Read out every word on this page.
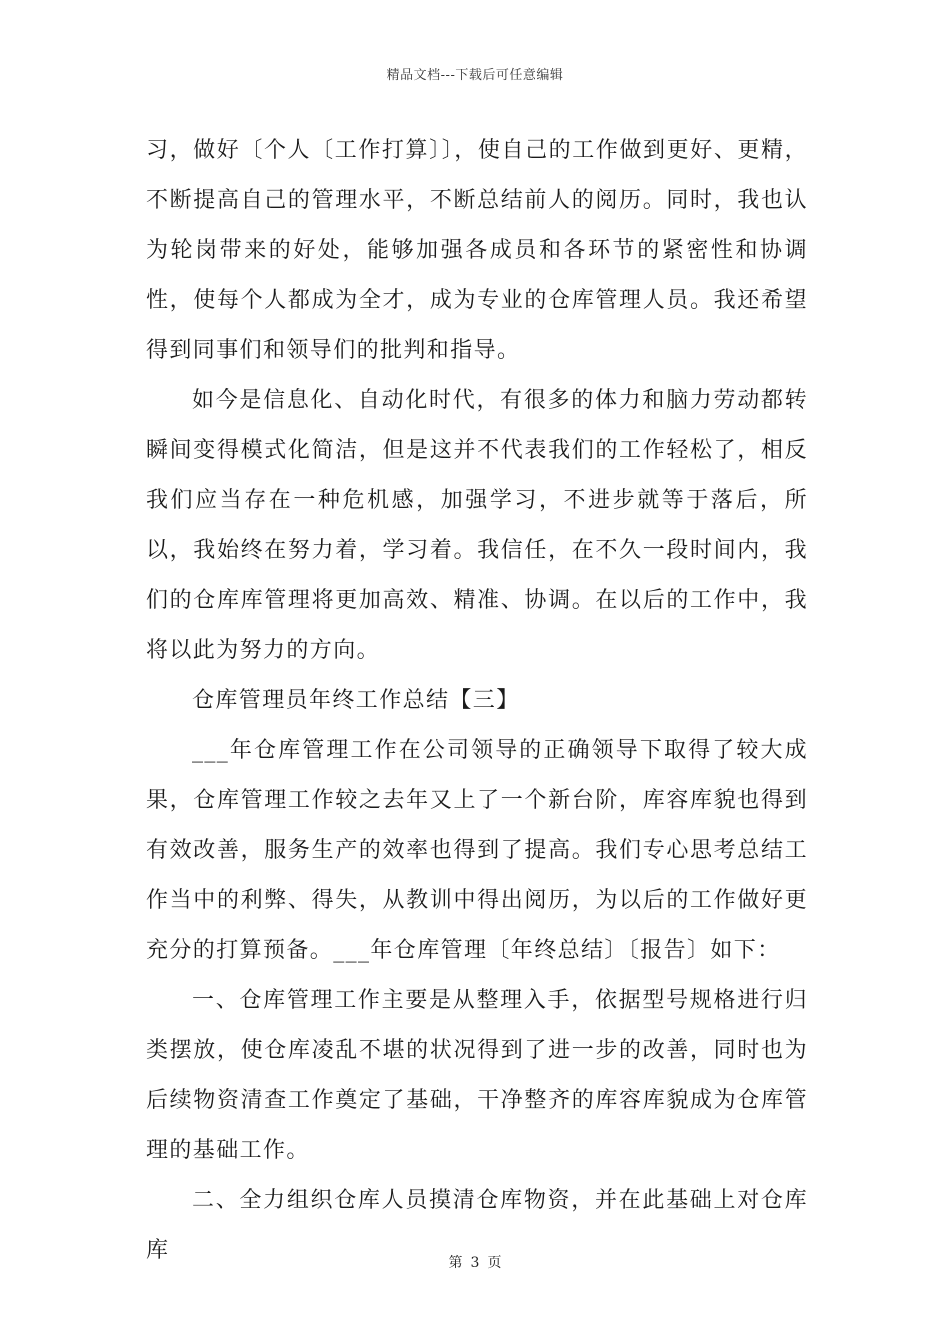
精品文档---下载后可任意编辑

习，做好〔个人〔工作打算〕〕，使自己的工作做到更好、更精，不断提高自己的管理水平，不断总结前人的阅历。同时，我也认为轮岗带来的好处，能够加强各成员和各环节的紧密性和协调性，使每个人都成为全才，成为专业的仓库管理人员。我还希望得到同事们和领导们的批判和指导。

如今是信息化、自动化时代，有很多的体力和脑力劳动都转瞬间变得模式化简洁，但是这并不代表我们的工作轻松了，相反我们应当存在一种危机感，加强学习，不进步就等于落后，所以，我始终在努力着，学习着。我信任，在不久一段时间内，我们的仓库库管理将更加高效、精准、协调。在以后的工作中，我将以此为努力的方向。

仓库管理员年终工作总结【三】

___年仓库管理工作在公司领导的正确领导下取得了较大成果，仓库管理工作较之去年又上了一个新台阶，库容库貌也得到有效改善，服务生产的效率也得到了提高。我们专心思考总结工作当中的利弊、得失，从教训中得出阅历，为以后的工作做好更充分的打算预备。___年仓库管理〔年终总结〕〔报告〕如下：

一、仓库管理工作主要是从整理入手，依据型号规格进行归类摆放，使仓库凌乱不堪的状况得到了进一步的改善，同时也为后续物资清查工作奠定了基础，干净整齐的库容库貌成为仓库管理的基础工作。

二、全力组织仓库人员摸清仓库物资，并在此基础上对仓库库	第 3 页
